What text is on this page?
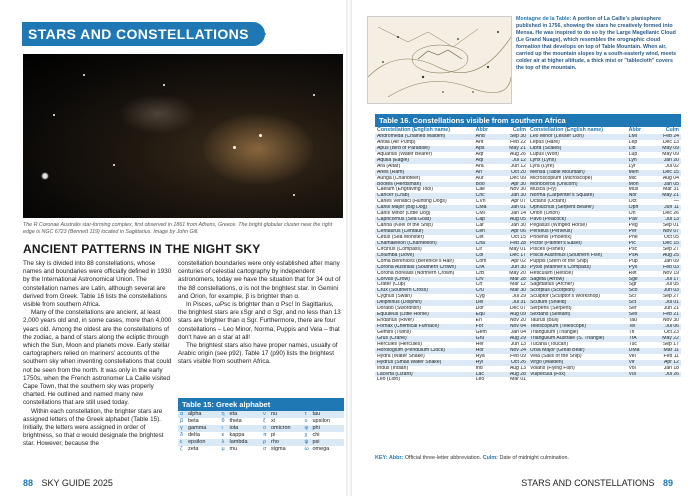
STARS AND CONSTELLATIONS
The R Coronae Australis star-forming complex, first observed in 1861 from Athens, Greece. The bright globular cluster near the right edge is NGC 6723 (Bennett 119) located in Sagittarius. Image by John Gill.
ANCIENT PATTERNS IN THE NIGHT SKY

The sky is divided into 88 constellations, whose names and boundaries were officially defined in 1930 by the International Astronomical Union. The constellation names are Latin, although several are derived from Greek. Table 16 lists the constellations visible from southern Africa.

Many of the constellations are ancient, at least 2,000 years old and, in some cases, more than 4,000 years old. Among the oldest are the constellations of the zodiac, a band of stars along the ecliptic through which the Sun, Moon and planets move. Early stellar cartographers relied on mariners' accounts of the southern sky when inventing constellations that could not be seen from the north. It was only in the early 1750s, when the French astronomer La Caille visited Cape Town, that the southern sky was properly charted. He outlined and named many new constellations that are still used today.

Within each constellation, the brighter stars are assigned letters of the Greek alphabet (Table 15). Initially, the letters were assigned in order of brightness, so that α would designate the brightest star. However, because the

constellation boundaries were only established after many centuries of celestial cartography by independent astronomers, today we have the situation that for 34 out of the 88 constellations, α is not the brightest star. In Gemini and Orion, for example, β is brighter than α.

In Pisces, ωPsc is brighter than α Psc! In Sagittarius, the brightest stars are εSgr and σ Sgr, and no less than 13 stars are brighter than α Sgr. Furthermore, there are four constellations – Leo Minor, Norma, Puppis and Vela – that don't have an α star at all!

The brightest stars also have proper names, usually of Arabic origin (see p92). Table 17 (p90) lists the brightest stars visible from southern Africa.

Table 15: Greek alphabet
α alpha	η eta	ν nu	τ tau
β beta	θ theta	ξ xi	υ upsilon
γ gamma	ι iota	ο omicron	φ phi
δ delta	κ kappa	π pi	χ chi
ε epsilon	λ lambda	ρ rho	ψ psi
ζ zeta	μ mu	σ sigma	ω omega
88 SKY GUIDE 2025
Montagne de la Table: A portion of La Caille's planisphere published in 1756, showing the stars he creatively formed into Mensa. He was inspired to do so by the Large Magellanic Cloud (Le Grand Nuage), which resembles the orographic cloud formation that develops on top of Table Mountain. When air, carried up the mountain slopes by a south-easterly wind, meets colder air at higher altitude, a thick mist or "tablecloth" covers the top of the mountain.
Table 16. Constellations visible from southern Africa
Constellation (English name)	Abbr	Culm
Andromeda (Chained Maiden)	And	Sep 30
Antlia (Air Pump)	Ant	Feb 22
Apus (Bird of Paradise)	Aps	May 21
Aquarius (Water Bearer)	Aqr	Aug 26
Aquila (Eagle)	Aql	Jul 12
Ara (Altar)	Ara	Jun 12
Aries (Ram)	Ari	Oct 20
Auriga (Charioteer)	Aur	Dec 09
Boötes (Herdsman)	Boo	Apr 30
Caelum (Engraving Tool)	Cae	Nov 30
Cancer (Crab)	Cnc	Jan 30
Canes Venatici (Hunting Dogs)	CVn	Apr 07
Canis Major (Big Dog)	CMa	Jan 01
Canis Minor (Little Dog)	CMi	Jan 14
Capricornus (Sea Goat)	Cap	Aug 05
Carina (Keel of the Ship)	Car	Jan 30
Centaurus (Centaur)	Cen	Apr 06
Cetus (Sea Monster)	Cet	Oct 15
Chamaeleon (Chameleon)	Cha	Feb 28
Circinus (Compass)	Cir	May 01
Columba (Dove)	Col	Dec 17
Coma Berenices (Berenice's Hair)	Com	Apr 02
Corona Australis (Southern Crown)	CrA	Jun 30
Corona Borealis (Northern Crown)	CrB	May 20
Corvus (Crow)	Crv	Mar 28
Crater (Cup)	Crt	Mar 12
Crux (Southern Cross)	Cru	Mar 30
Cygnus (Swan)	Cyg	Jul 29
Delphinus (Dolphin)	Del	Jul 31
Dorado (Swordfish)	Dor	Dec 07
Equuleus (Little Horse)	Equ	Aug 09
Eridanus (River)	Eri	Nov 20
Fornax (Chemical Furnace)	For	Nov 04
Gemini (Twins)	Gem	Jan 04
Grus (Crane)	Gru	Aug 29
Hercules (Hercules)	Her	Jun 13
Horologium (Pendulum Clock)	Hor	Nov 24
Hydra (Water Snake)	Hya	Feb 09
Hydrus (Small Water Snake)	Hyi	Oct 26
Indus (Indian)	Ind	Aug 13
Lacerta (Lizard)	Lac	Aug 28
Leo (Lion)	Leo	Mar 01
Constellation (English name)	Abbr	Culm
Leo Minor (Lesser Lion)	LMi	Feb 24
Lepus (Hare)	Lep	Dec 13
Libra (Scales)	Lib	May 09
Lupus (Wolf)	Lup	May 09
Lynx (Lynx)	Lyn	Jan 20
Lyra (Lyre)	Lyr	Jul 02
Mensa (Table Mountain)	Men	Dec 15
Microscopium (Microscope)	Mic	Aug 04
Monoceros (Unicorn)	Mon	Jan 05
Musca (Fly)	Mus	Mar 31
Norma (Carpenter's Square)	Nor	May 21
Octans (Octant)	Oct	—
Ophiuchus (Serpent Bearer)	Oph	Jun 11
Orion (Orion)	Ori	Dec 26
Pavo (Peacock)	Pav	Jul 13
Pegasus (Winged Horse)	Peg	Sep 01
Perseus (Perseus)	Per	Nov 07
Phoenix (Phoenix)	Phe	Oct 05
Pictor (Painter's Easel)	Pic	Dec 15
Pisces (Fishes)	Psc	Sep 27
Piscis Austrinus (Southern Fish)	PsA	Aug 25
Puppis (Stern of the Ship)	Pup	Jan 09
Pyxis (Mariner's Compass)	Pyx	Feb 03
Reticulum (Reticle)	Ret	Nov 19
Sagitta (Arrow)	Sge	Jul 17
Sagittarius (Archer)	Sgr	Jul 05
Scorpius (Scorpion)	Sco	Jun 03
Sculptor (Sculptor's Workshop)	Scl	Sep 27
Scutum (Shield)	Sct	Jul 01
Serpens (Serpent)	Ser	Jun 21
Sextans (Sextant)	Sex	Feb 21
Taurus (Bull)	Tau	Nov 30
Telescopium (Telescope)	Tel	Jul 06
Triangulum (Triangle)	Tri	Oct 23
Triangulum Australe (S. Triangle)	TrA	May 22
Tucana (Toucan)	Tuc	Sep 17
Ursa Major (Great Bear)	UMa	Mar 11
Vela (Sails of the Ship)	Vel	Feb 11
Virgo (Maiden)	Vir	Apr 12
Volans (Flying Fish)	Vol	Jan 18
Vulpecula (Fox)	Vul	Jul 26
KEY: Abbr: Official three-letter abbreviation. Culm: Date of midnight culmination.
STARS AND CONSTELLATIONS 89
